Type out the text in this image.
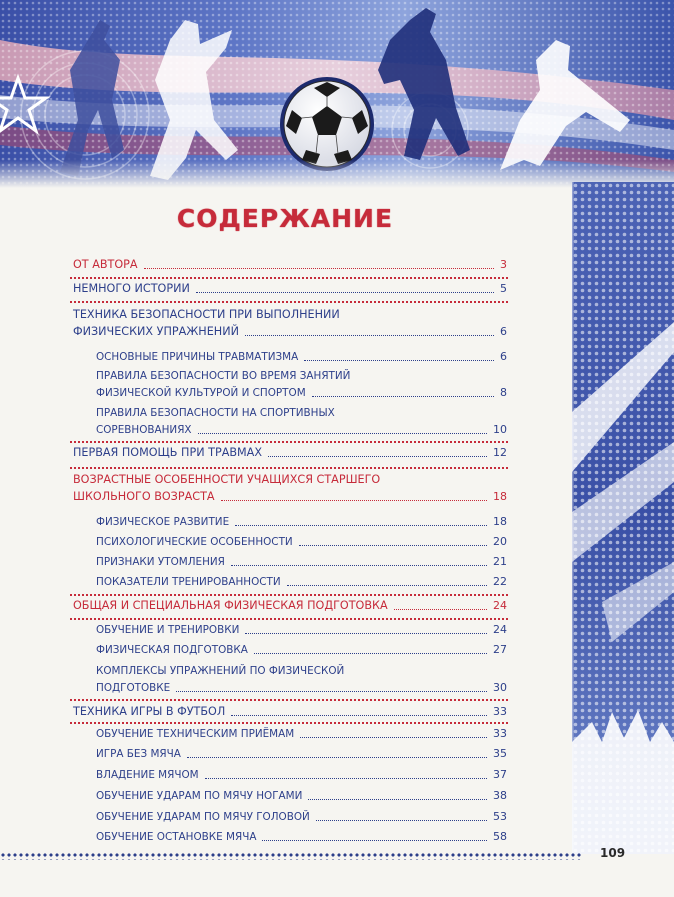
СОДЕРЖАНИЕ
ОТ АВТОРА	3
НЕМНОГО ИСТОРИИ	5
ТЕХНИКА БЕЗОПАСНОСТИ ПРИ ВЫПОЛНЕНИИ
ФИЗИЧЕСКИХ УПРАЖНЕНИЙ	6
ОСНОВНЫЕ ПРИЧИНЫ ТРАВМАТИЗМА	6
ПРАВИЛА БЕЗОПАСНОСТИ ВО ВРЕМЯ ЗАНЯТИЙ
ФИЗИЧЕСКОЙ КУЛЬТУРОЙ И СПОРТОМ	8
ПРАВИЛА БЕЗОПАСНОСТИ НА СПОРТИВНЫХ
СОРЕВНОВАНИЯХ	10
ПЕРВАЯ ПОМОЩЬ ПРИ ТРАВМАХ	12
ВОЗРАСТНЫЕ ОСОБЕННОСТИ УЧАЩИХСЯ СТАРШЕГО
ШКОЛЬНОГО ВОЗРАСТА	18
ФИЗИЧЕСКОЕ РАЗВИТИЕ	18
ПСИХОЛОГИЧЕСКИЕ ОСОБЕННОСТИ	20
ПРИЗНАКИ УТОМЛЕНИЯ	21
ПОКАЗАТЕЛИ ТРЕНИРОВАННОСТИ	22
ОБЩАЯ И СПЕЦИАЛЬНАЯ ФИЗИЧЕСКАЯ ПОДГОТОВКА	24
ОБУЧЕНИЕ И ТРЕНИРОВКИ	24
ФИЗИЧЕСКАЯ ПОДГОТОВКА	27
КОМПЛЕКСЫ УПРАЖНЕНИЙ ПО ФИЗИЧЕСКОЙ
ПОДГОТОВКЕ	30
ТЕХНИКА ИГРЫ В ФУТБОЛ	33
ОБУЧЕНИЕ ТЕХНИЧЕСКИМ ПРИЁМАМ	33
ИГРА БЕЗ МЯЧА	35
ВЛАДЕНИЕ МЯЧОМ	37
ОБУЧЕНИЕ УДАРАМ ПО МЯЧУ НОГАМИ	38
ОБУЧЕНИЕ УДАРАМ ПО МЯЧУ ГОЛОВОЙ	53
ОБУЧЕНИЕ ОСТАНОВКЕ МЯЧА	58
109
